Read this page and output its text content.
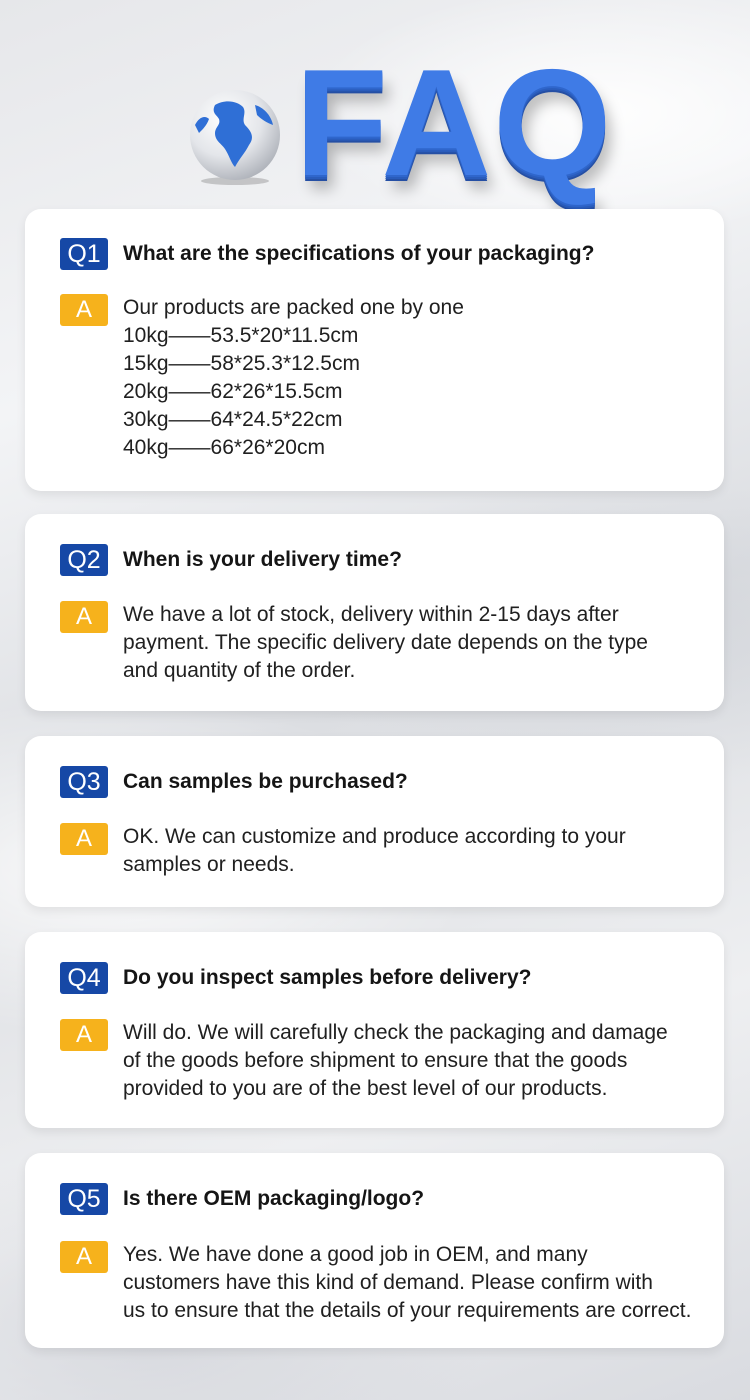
FAQ
Q1	What are the specifications of your packaging?
A	Our products are packed one by one
10kg——53.5*20*11.5cm
15kg——58*25.3*12.5cm
20kg——62*26*15.5cm
30kg——64*24.5*22cm
40kg——66*26*20cm
Q2	When is your delivery time?
A	We have a lot of stock, delivery within 2-15 days after
payment. The specific delivery date depends on the type
and quantity of the order.
Q3	Can samples be purchased?
A	OK. We can customize and produce according to your
samples or needs.
Q4	Do you inspect samples before delivery?
A	Will do. We will carefully check the packaging and damage
of the goods before shipment to ensure that the goods
provided to you are of the best level of our products.
Q5	Is there OEM packaging/logo?
A	Yes. We have done a good job in OEM, and many
customers have this kind of demand. Please confirm with
us to ensure that the details of your requirements are correct.
